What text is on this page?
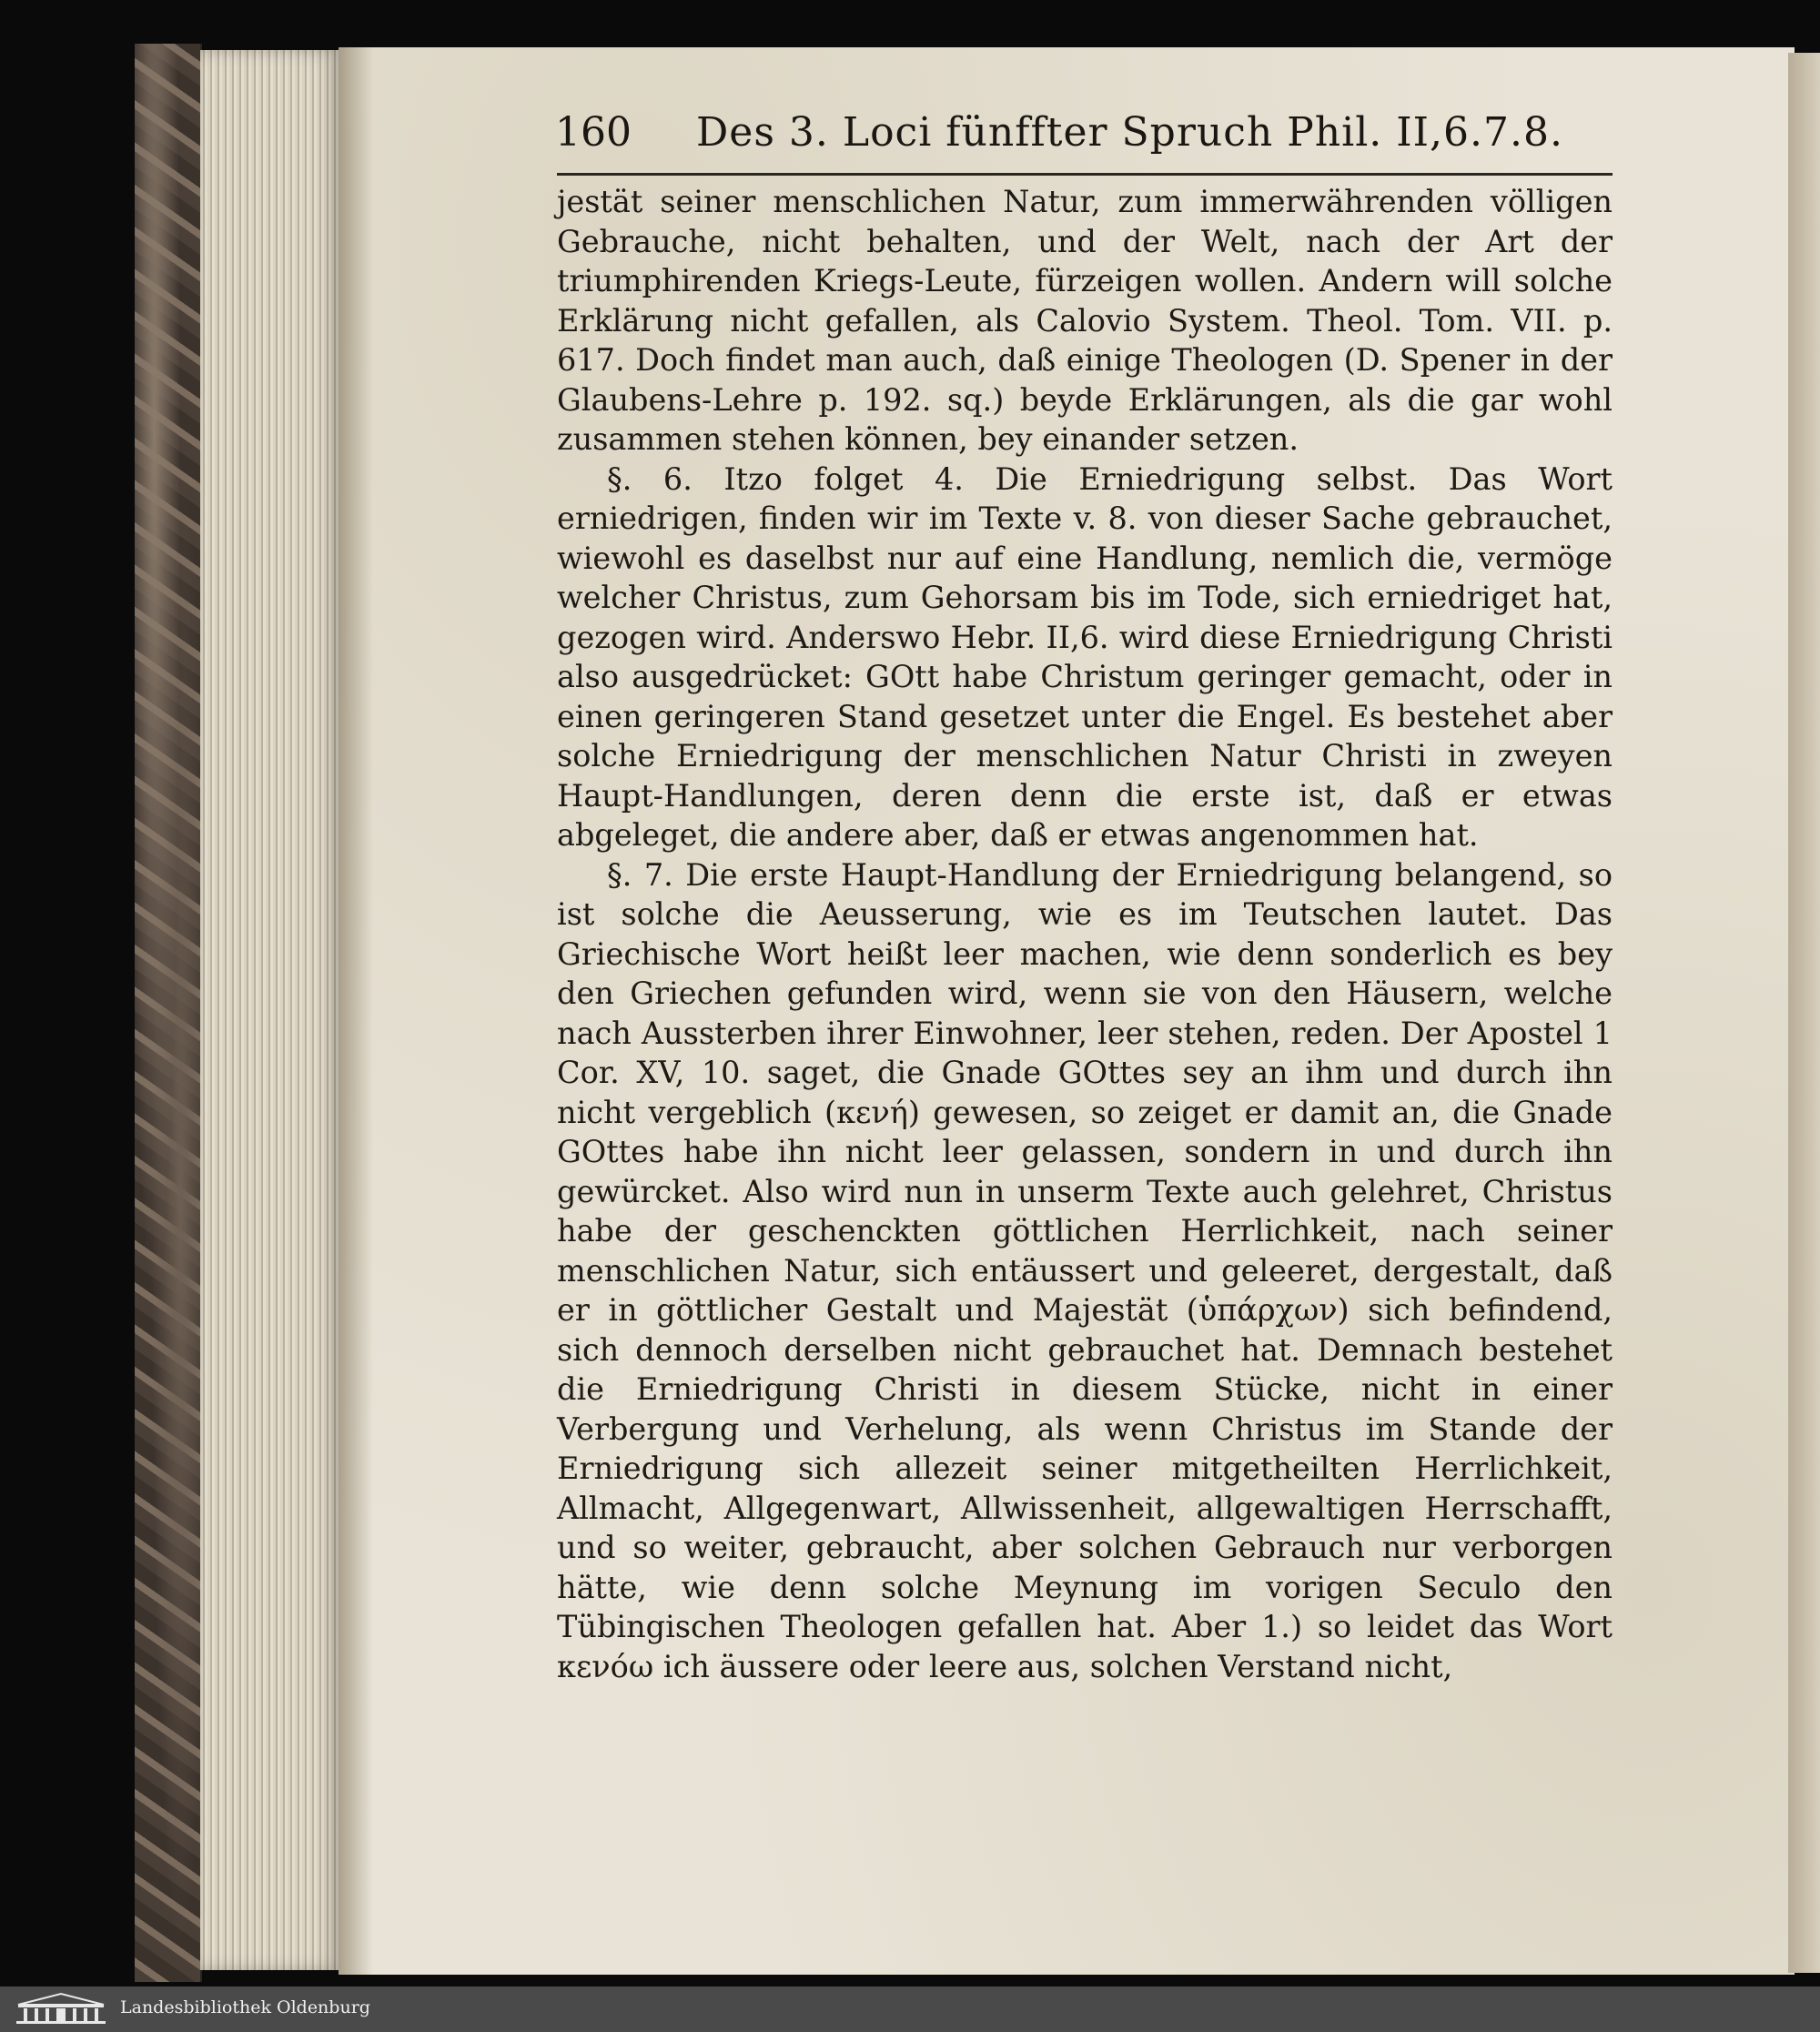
160 Des 3. Loci fünffter Spruch Phil. II,6.7.8.

jestät seiner menschlichen Natur, zum immerwährenden völligen Gebrauche, nicht behalten, und der Welt, nach der Art der triumphirenden Kriegs-Leute, fürzeigen wollen. Andern will solche Erklärung nicht gefallen, als Calovio System. Theol. Tom. VII. p. 617. Doch findet man auch, daß einige Theologen (D. Spener in der Glaubens-Lehre p. 192. sq.) beyde Erklärungen, als die gar wohl zusammen stehen können, bey einander setzen.

§. 6. Itzo folget 4. Die Erniedrigung selbst. Das Wort erniedrigen, finden wir im Texte v. 8. von dieser Sache gebrauchet, wiewohl es daselbst nur auf eine Handlung, nemlich die, vermöge welcher Christus, zum Gehorsam bis im Tode, sich erniedriget hat, gezogen wird. Anderswo Hebr. II,6. wird diese Erniedrigung Christi also ausgedrücket: GOtt habe Christum geringer gemacht, oder in einen geringeren Stand gesetzet unter die Engel. Es bestehet aber solche Erniedrigung der menschlichen Natur Christi in zweyen Haupt-Handlungen, deren denn die erste ist, daß er etwas abgeleget, die andere aber, daß er etwas angenommen hat.

§. 7. Die erste Haupt-Handlung der Erniedrigung belangend, so ist solche die Aeusserung, wie es im Teutschen lautet. Das Griechische Wort heißt leer machen, wie denn sonderlich es bey den Griechen gefunden wird, wenn sie von den Häusern, welche nach Aussterben ihrer Einwohner, leer stehen, reden. Der Apostel 1 Cor. XV, 10. saget, die Gnade GOttes sey an ihm und durch ihn nicht vergeblich (κενή) gewesen, so zeiget er damit an, die Gnade GOttes habe ihn nicht leer gelassen, sondern in und durch ihn gewürcket. Also wird nun in unserm Texte auch gelehret, Christus habe der geschenckten göttlichen Herrlichkeit, nach seiner menschlichen Natur, sich entäussert und geleeret, dergestalt, daß er in göttlicher Gestalt und Majestät (ὑπάρχων) sich befindend, sich dennoch derselben nicht gebrauchet hat. Demnach bestehet die Erniedrigung Christi in diesem Stücke, nicht in einer Verbergung und Verhelung, als wenn Christus im Stande der Erniedrigung sich allezeit seiner mitgetheilten Herrlichkeit, Allmacht, Allgegenwart, Allwissenheit, allgewaltigen Herrschafft, und so weiter, gebraucht, aber solchen Gebrauch nur verborgen hätte, wie denn solche Meynung im vorigen Seculo den Tübingischen Theologen gefallen hat. Aber 1.) so leidet das Wort κενόω ich äussere oder leere aus, solchen Verstand nicht,

Landesbibliothek Oldenburg
